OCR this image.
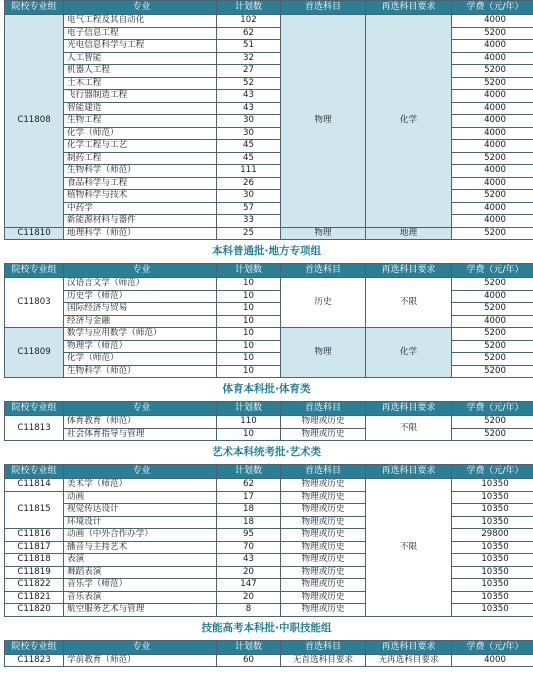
院校专业组	专业	计划数	首选科目	再选科目要求	学费（元/年）
C11808	电气工程及其自动化	102	物理	化学	4000
	电子信息工程	62			5200
	光电信息科学与工程	51			4000
	人工智能	32			4000
	机器人工程	27			5200
	土木工程	52			5200
	飞行器制造工程	43			4000
	智能建造	43			4000
	生物工程	30			4000
	化学（师范）	30			4000
	化学工程与工艺	45			4000
	制药工程	45			5200
	生物科学（师范）	111			4000
	食品科学与工程	26			4000
	植物科学与技术	30			5200
	中药学	57			4000
	新能源材料与器件	33			4000
C11810	地理科学（师范）	25	物理	地理	5200
本科普通批·地方专项组
院校专业组	专业	计划数	首选科目	再选科目要求	学费（元/年）
C11803	汉语言文学（师范）	10	历史	不限	5200
	历史学（师范）	10			4000
	国际经济与贸易	10			5200
	经济与金融	10			4000
C11809	数学与应用数学（师范）	10	物理	化学	5200
	物理学（师范）	10			5200
	化学（师范）	10			5200
	生物科学（师范）	10			5200
体育本科批·体育类
院校专业组	专业	计划数	首选科目	再选科目要求	学费（元/年）
C11813	体育教育（师范）	110	物理或历史	不限	5200
	社会体育指导与管理	10	物理或历史		5200
艺术本科统考批·艺术类
院校专业组	专业	计划数	首选科目	再选科目要求	学费（元/年）
C11814	美术学（师范）	62	物理或历史	不限	10350
C11815	动画	17	物理或历史		10350
	视觉传达设计	18	物理或历史		10350
	环境设计	18	物理或历史		10350
C11816	动画（中外合作办学）	95	物理或历史		29800
C11817	播音与主持艺术	70	物理或历史		10350
C11818	表演	43	物理或历史		10350
C11819	舞蹈表演	20	物理或历史		10350
C11822	音乐学（师范）	147	物理或历史		10350
C11821	音乐表演	20	物理或历史		10350
C11820	航空服务艺术与管理	8	物理或历史		10350
技能高考本科批·中职技能组
院校专业组	专业	计划数	首选科目	再选科目要求	学费（元/年）
C11823	学前教育（师范）	60	无首选科目要求	无再选科目要求	4000
